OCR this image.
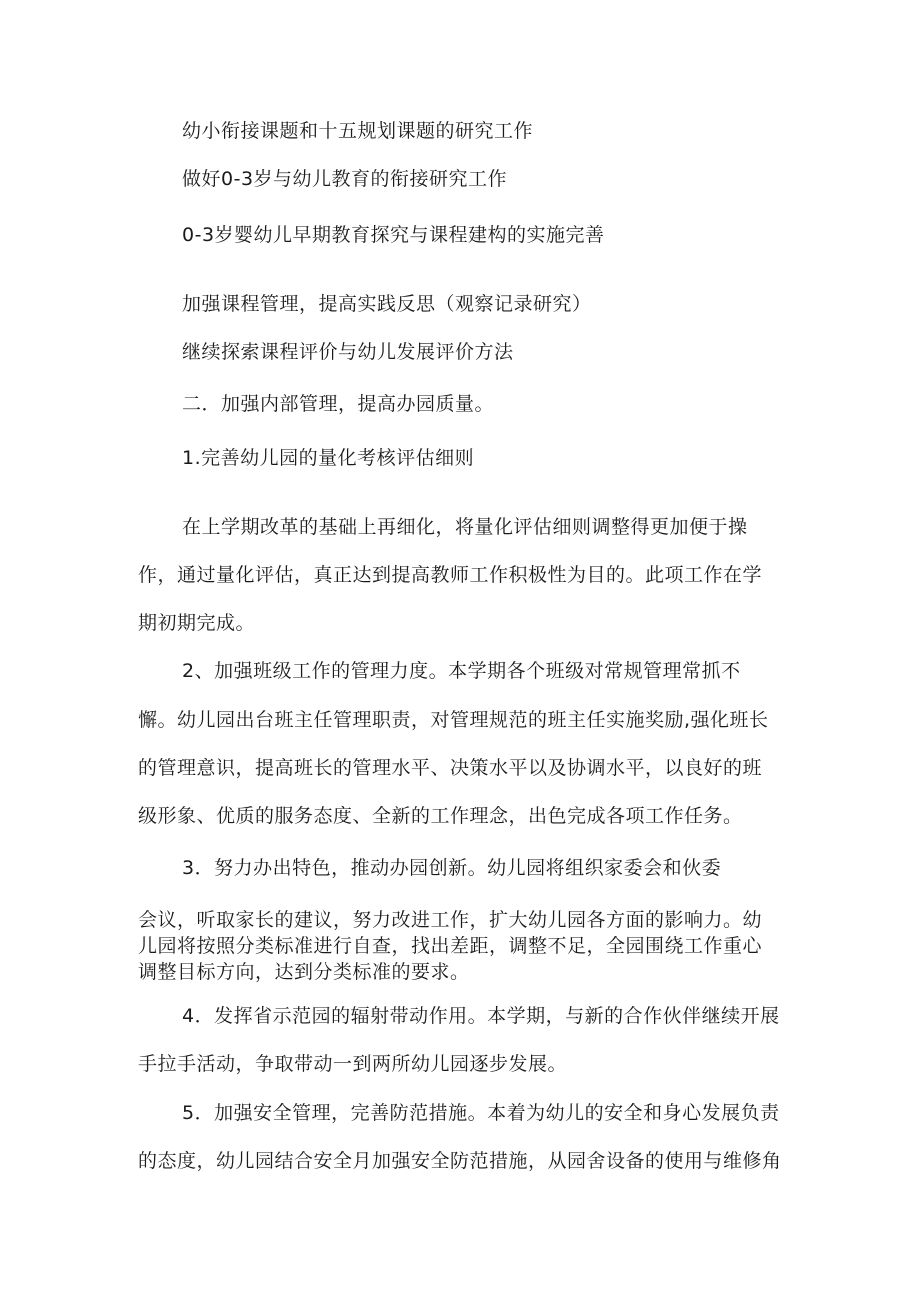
幼小衔接课题和十五规划课题的研究工作
做好0-3岁与幼儿教育的衔接研究工作
0-3岁婴幼儿早期教育探究与课程建构的实施完善
加强课程管理，提高实践反思（观察记录研究）
继续探索课程评价与幼儿发展评价方法
二．加强内部管理，提高办园质量。
1.完善幼儿园的量化考核评估细则
在上学期改革的基础上再细化，将量化评估细则调整得更加便于操
作，通过量化评估，真正达到提高教师工作积极性为目的。此项工作在学
期初期完成。
2、加强班级工作的管理力度。本学期各个班级对常规管理常抓不
懈。幼儿园出台班主任管理职责，对管理规范的班主任实施奖励,强化班长
的管理意识，提高班长的管理水平、决策水平以及协调水平，以良好的班
级形象、优质的服务态度、全新的工作理念，出色完成各项工作任务。
3．努力办出特色，推动办园创新。幼儿园将组织家委会和伙委
会议，听取家长的建议，努力改进工作，扩大幼儿园各方面的影响力。幼
儿园将按照分类标准进行自查，找出差距，调整不足，全园围绕工作重心
调整目标方向，达到分类标准的要求。
4．发挥省示范园的辐射带动作用。本学期，与新的合作伙伴继续开展
手拉手活动，争取带动一到两所幼儿园逐步发展。
5．加强安全管理，完善防范措施。本着为幼儿的安全和身心发展负责
的态度，幼儿园结合安全月加强安全防范措施，从园舍设备的使用与维修角
